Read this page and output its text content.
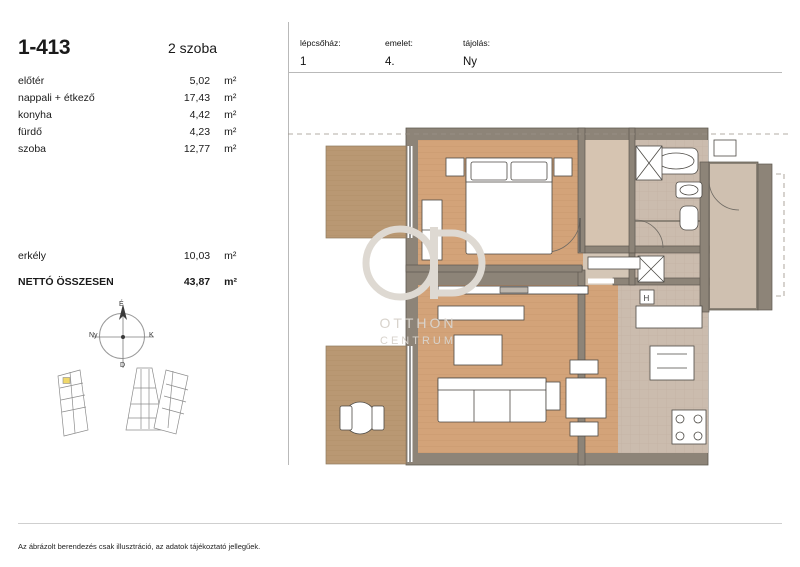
1-413	2 szoba
előtér	5,02	m²
nappali + étkező	17,43	m²
konyha	4,42	m²
fürdő	4,23	m²
szoba	12,77	m²
erkély	10,03	m²
NETTÓ ÖSSZESEN	43,87	m²
É
K
D
Ny
Az ábrázolt berendezés csak illusztráció, az adatok tájékoztató jellegűek.
lépcsőház:
1
emelet:
4.
tájolás:
Ny
H
OTTHON
CENTRUM
